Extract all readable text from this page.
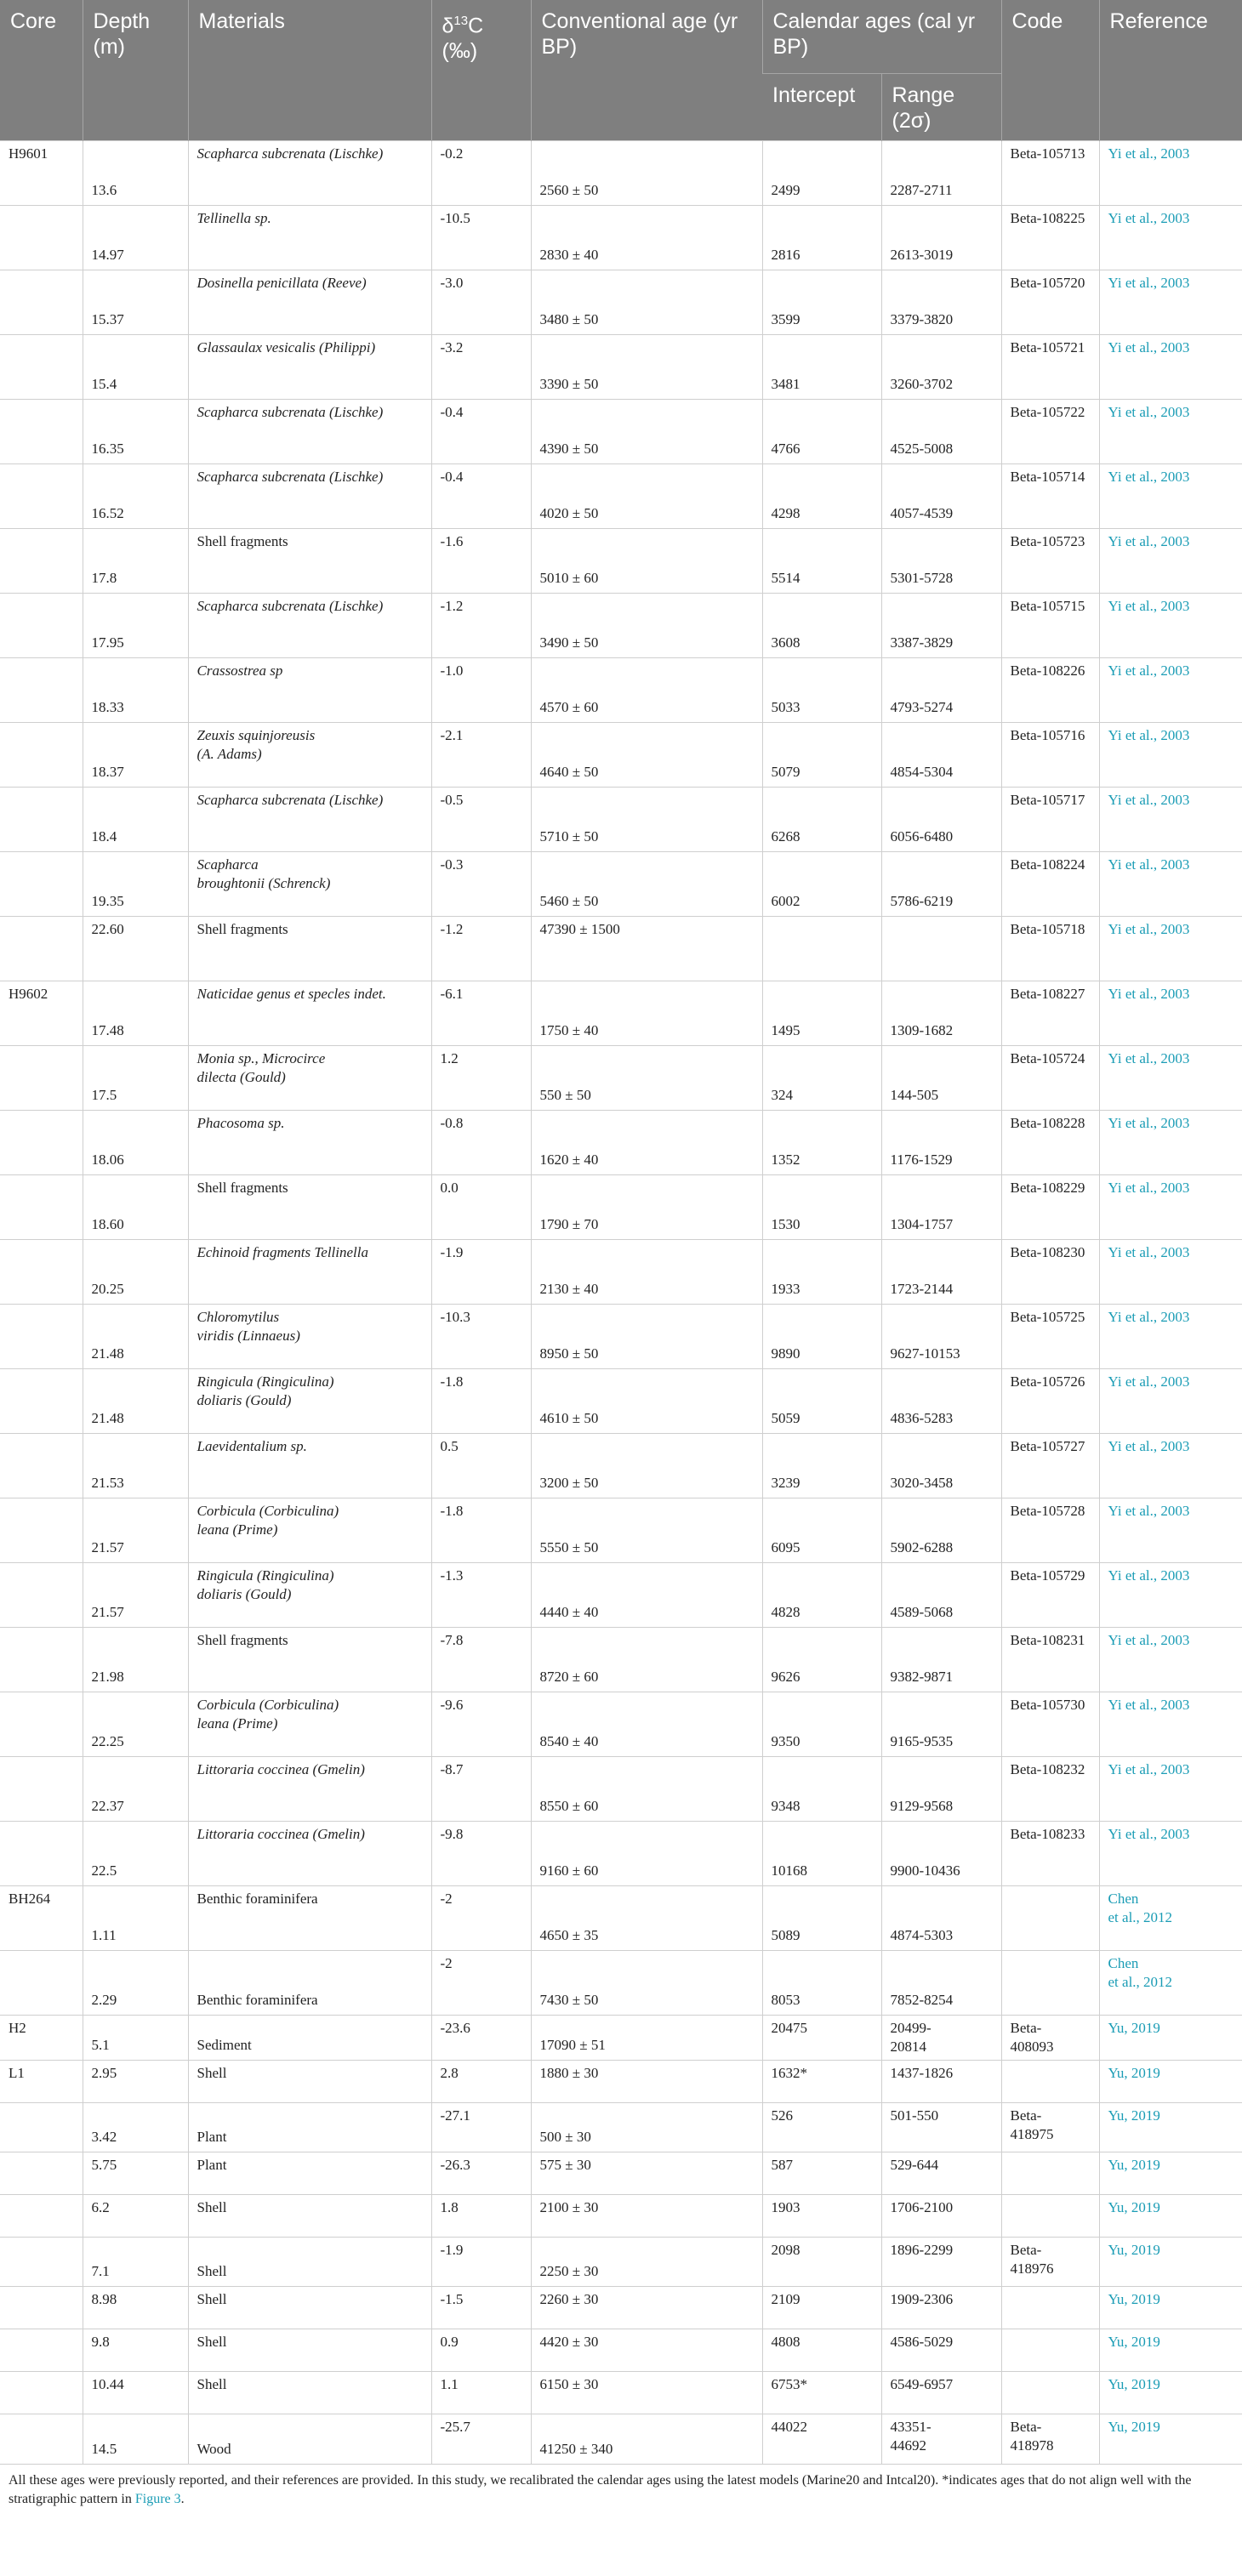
Core	Depth (m)	Materials	$\delta^{13}C$ (‰)	Conventional age (yr BP)	Calendar ages (cal yr BP)		Code	Reference
					Intercept	Range (2σ)		
H9601	13.6	Scapharca subcrenata (Lischke)	-0.2	2560 ± 50	2499	2287-2711	Beta-105713	Yi et al., 2003
	14.97	Tellinella sp.	-10.5	2830 ± 40	2816	2613-3019	Beta-108225	Yi et al., 2003
	15.37	Dosinella penicillata (Reeve)	-3.0	3480 ± 50	3599	3379-3820	Beta-105720	Yi et al., 2003
	15.4	Glassaulax vesicalis (Philippi)	-3.2	3390 ± 50	3481	3260-3702	Beta-105721	Yi et al., 2003
	16.35	Scapharca subcrenata (Lischke)	-0.4	4390 ± 50	4766	4525-5008	Beta-105722	Yi et al., 2003
	16.52	Scapharca subcrenata (Lischke)	-0.4	4020 ± 50	4298	4057-4539	Beta-105714	Yi et al., 2003
	17.8	Shell fragments	-1.6	5010 ± 60	5514	5301-5728	Beta-105723	Yi et al., 2003
	17.95	Scapharca subcrenata (Lischke)	-1.2	3490 ± 50	3608	3387-3829	Beta-105715	Yi et al., 2003
	18.33	Crassostrea sp	-1.0	4570 ± 60	5033	4793-5274	Beta-108226	Yi et al., 2003
	18.37	Zeuxis squinjoreusis
(A. Adams)	-2.1	4640 ± 50	5079	4854-5304	Beta-105716	Yi et al., 2003
	18.4	Scapharca subcrenata (Lischke)	-0.5	5710 ± 50	6268	6056-6480	Beta-105717	Yi et al., 2003
	19.35	Scapharca
broughtonii (Schrenck)	-0.3	5460 ± 50	6002	5786-6219	Beta-108224	Yi et al., 2003
	22.60	Shell fragments	-1.2	47390 ± 1500			Beta-105718	Yi et al., 2003
H9602	17.48	Naticidae genus et specles indet.	-6.1	1750 ± 40	1495	1309-1682	Beta-108227	Yi et al., 2003
	17.5	Monia sp., Microcirce
dilecta (Gould)	1.2	550 ± 50	324	144-505	Beta-105724	Yi et al., 2003
	18.06	Phacosoma sp.	-0.8	1620 ± 40	1352	1176-1529	Beta-108228	Yi et al., 2003
	18.60	Shell fragments	0.0	1790 ± 70	1530	1304-1757	Beta-108229	Yi et al., 2003
	20.25	Echinoid fragments Tellinella	-1.9	2130 ± 40	1933	1723-2144	Beta-108230	Yi et al., 2003
	21.48	Chloromytilus
viridis (Linnaeus)	-10.3	8950 ± 50	9890	9627-10153	Beta-105725	Yi et al., 2003
	21.48	Ringicula (Ringiculina)
doliaris (Gould)	-1.8	4610 ± 50	5059	4836-5283	Beta-105726	Yi et al., 2003
	21.53	Laevidentalium sp.	0.5	3200 ± 50	3239	3020-3458	Beta-105727	Yi et al., 2003
	21.57	Corbicula (Corbiculina)
leana (Prime)	-1.8	5550 ± 50	6095	5902-6288	Beta-105728	Yi et al., 2003
	21.57	Ringicula (Ringiculina)
doliaris (Gould)	-1.3	4440 ± 40	4828	4589-5068	Beta-105729	Yi et al., 2003
	21.98	Shell fragments	-7.8	8720 ± 60	9626	9382-9871	Beta-108231	Yi et al., 2003
	22.25	Corbicula (Corbiculina)
leana (Prime)	-9.6	8540 ± 40	9350	9165-9535	Beta-105730	Yi et al., 2003
	22.37	Littoraria coccinea (Gmelin)	-8.7	8550 ± 60	9348	9129-9568	Beta-108232	Yi et al., 2003
	22.5	Littoraria coccinea (Gmelin)	-9.8	9160 ± 60	10168	9900-10436	Beta-108233	Yi et al., 2003
BH264	1.11	Benthic foraminifera	-2	4650 ± 35	5089	4874-5303		Chen
et al., 2012
	2.29	Benthic foraminifera	-2	7430 ± 50	8053	7852-8254		Chen
et al., 2012
H2	5.1	Sediment	-23.6	17090 ± 51	20475	20499-
20814	Beta-
408093	Yu, 2019
L1	2.95	Shell	2.8	1880 ± 30	1632*	1437-1826		Yu, 2019
	3.42	Plant	-27.1	500 ± 30	526	501-550	Beta-
418975	Yu, 2019
	5.75	Plant	-26.3	575 ± 30	587	529-644		Yu, 2019
	6.2	Shell	1.8	2100 ± 30	1903	1706-2100		Yu, 2019
	7.1	Shell	-1.9	2250 ± 30	2098	1896-2299	Beta-
418976	Yu, 2019
	8.98	Shell	-1.5	2260 ± 30	2109	1909-2306		Yu, 2019
	9.8	Shell	0.9	4420 ± 30	4808	4586-5029		Yu, 2019
	10.44	Shell	1.1	6150 ± 30	6753*	6549-6957		Yu, 2019
	14.5	Wood	-25.7	41250 ± 340	44022	43351-
44692	Beta-
418978	Yu, 2019
All these ages were previously reported, and their references are provided. In this study, we recalibrated the calendar ages using the latest models (Marine20 and Intcal20). *indicates ages that do not align well with the stratigraphic pattern in Figure 3.
